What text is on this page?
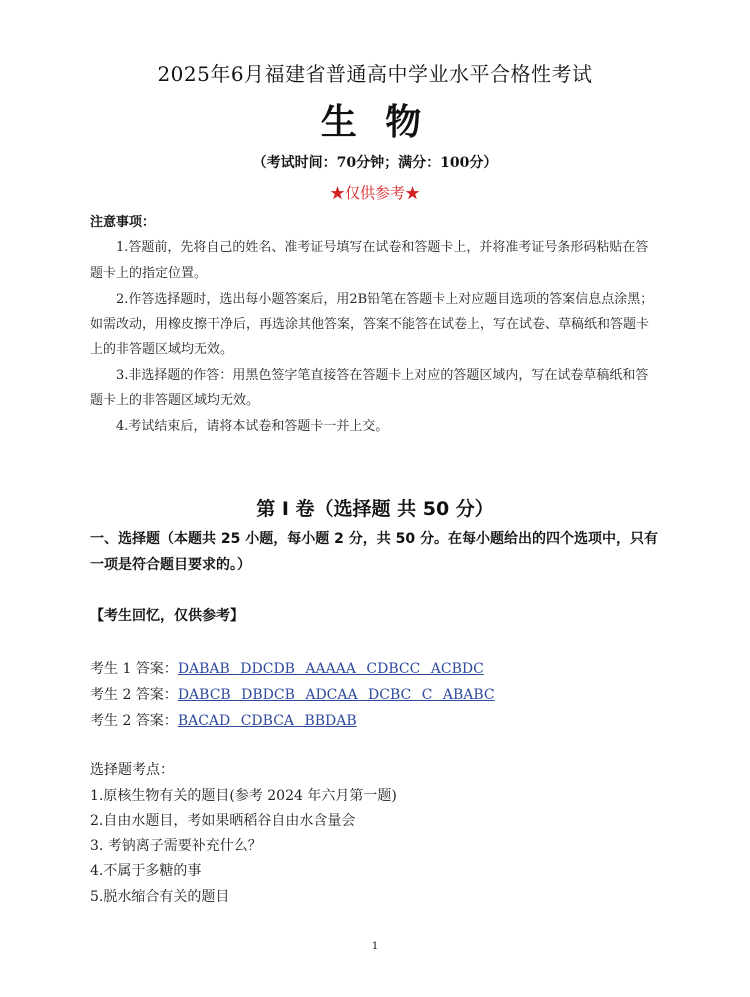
2025年6月福建省普通高中学业水平合格性考试
生 物
（考试时间：70分钟；满分：100分）
★仅供参考★
注意事项：
1.答题前，先将自己的姓名、准考证号填写在试卷和答题卡上，并将准考证号条形码粘贴在答
题卡上的指定位置。
2.作答选择题时，选出每小题答案后，用2B铅笔在答题卡上对应题目选项的答案信息点涂黑；
如需改动，用橡皮擦干净后，再选涂其他答案，答案不能答在试卷上，写在试卷、草稿纸和答题卡
上的非答题区域均无效。
3.非选择题的作答：用黑色签字笔直接答在答题卡上对应的答题区域内，写在试卷草稿纸和答
题卡上的非答题区域均无效。
4.考试结束后，请将本试卷和答题卡一并上交。
第 I 卷（选择题 共 50 分）
一、选择题（本题共 25 小题，每小题 2 分，共 50 分。在每小题给出的四个选项中，只有一项是符合题目要求的。）
【考生回忆，仅供参考】
考生 1 答案：DABAB DDCDB AAAAA CDBCC ACBDC
考生 2 答案：DABCB DBDCB ADCAA DCBC C ABABC
考生 2 答案：BACAD CDBCA BBDAB
选择题考点：
1.原核生物有关的题目(参考 2024 年六月第一题)
2.自由水题目，考如果晒稻谷自由水含量会
3. 考钠离子需要补充什么？
4.不属于多糖的事
5.脱水缩合有关的题目
1
